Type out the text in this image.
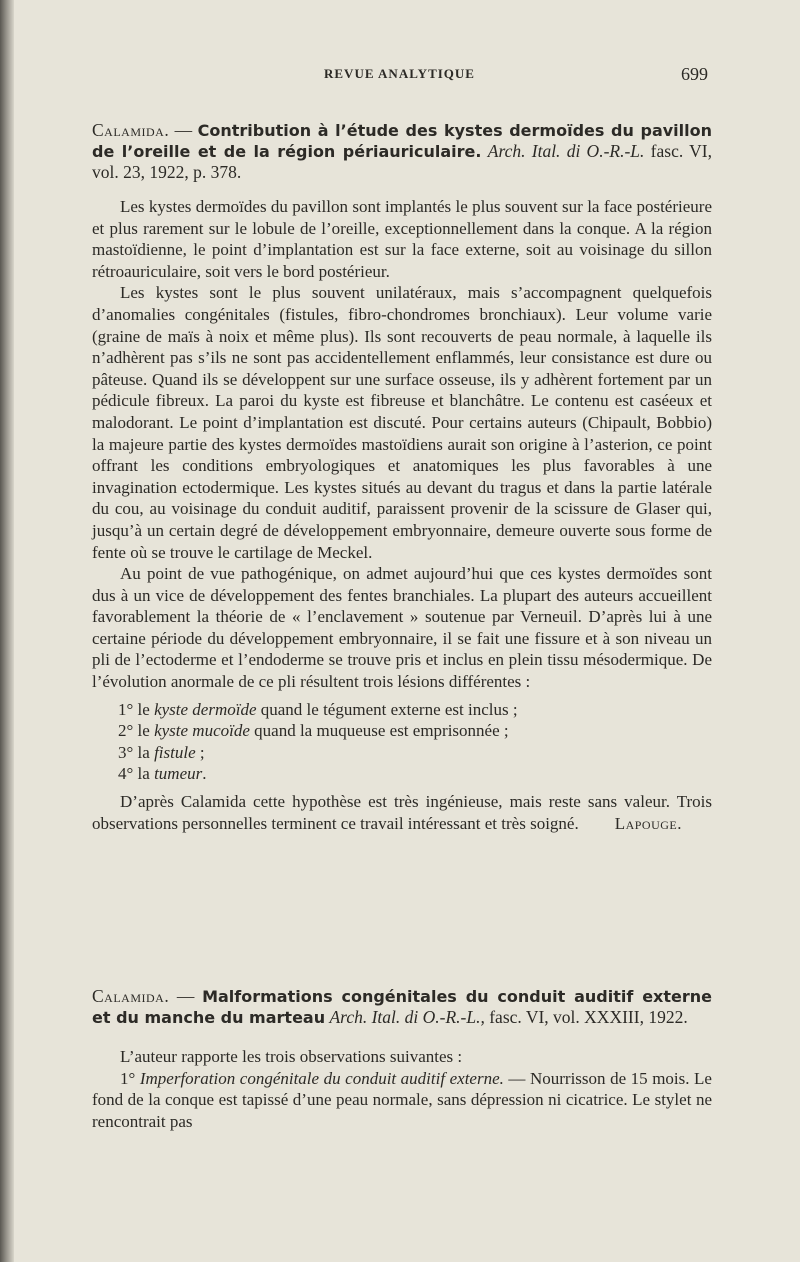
REVUE ANALYTIQUE	699

Calamida. — Contribution à l’étude des kystes dermoïdes du pavillon de l’oreille et de la région périauriculaire. Arch. Ital. di O.-R.-L. fasc. VI, vol. 23, 1922, p. 378.

Les kystes dermoïdes du pavillon sont implantés le plus souvent sur la face postérieure et plus rarement sur le lobule de l’oreille, exceptionnellement dans la conque. A la région mastoïdienne, le point d’implantation est sur la face externe, soit au voisinage du sillon rétroauriculaire, soit vers le bord postérieur.

Les kystes sont le plus souvent unilatéraux, mais s’accompagnent quelquefois d’anomalies congénitales (fistules, fibro-chondromes bronchiaux). Leur volume varie (graine de maïs à noix et même plus). Ils sont recouverts de peau normale, à laquelle ils n’adhèrent pas s’ils ne sont pas accidentellement enflammés, leur consistance est dure ou pâteuse. Quand ils se développent sur une surface osseuse, ils y adhèrent fortement par un pédicule fibreux. La paroi du kyste est fibreuse et blanchâtre. Le contenu est caséeux et malodorant. Le point d’implantation est discuté. Pour certains auteurs (Chipault, Bobbio) la majeure partie des kystes dermoïdes mastoïdiens aurait son origine à l’asterion, ce point offrant les conditions embryologiques et anatomiques les plus favorables à une invagination ectodermique. Les kystes situés au devant du tragus et dans la partie latérale du cou, au voisinage du conduit auditif, paraissent provenir de la scissure de Glaser qui, jusqu’à un certain degré de développement embryonnaire, demeure ouverte sous forme de fente où se trouve le cartilage de Meckel.

Au point de vue pathogénique, on admet aujourd’hui que ces kystes dermoïdes sont dus à un vice de développement des fentes branchiales. La plupart des auteurs accueillent favorablement la théorie de « l’enclavement » soutenue par Verneuil. D’après lui à une certaine période du développement embryonnaire, il se fait une fissure et à son niveau un pli de l’ectoderme et l’endoderme se trouve pris et inclus en plein tissu mésodermique. De l’évolution anormale de ce pli résultent trois lésions différentes :

1° le kyste dermoïde quand le tégument externe est inclus ;
2° le kyste mucoïde quand la muqueuse est emprisonnée ;
3° la fistule ;
4° la tumeur.

D’après Calamida cette hypothèse est très ingénieuse, mais reste sans valeur. Trois observations personnelles terminent ce travail intéressant et très soigné.	Lapouge.

Calamida. — Malformations congénitales du conduit auditif externe et du manche du marteau Arch. Ital. di O.-R.-L., fasc. VI, vol. XXXIII, 1922.

L’auteur rapporte les trois observations suivantes :

1° Imperforation congénitale du conduit auditif externe. — Nourrisson de 15 mois. Le fond de la conque est tapissé d’une peau normale, sans dépression ni cicatrice. Le stylet ne rencontrait pas
